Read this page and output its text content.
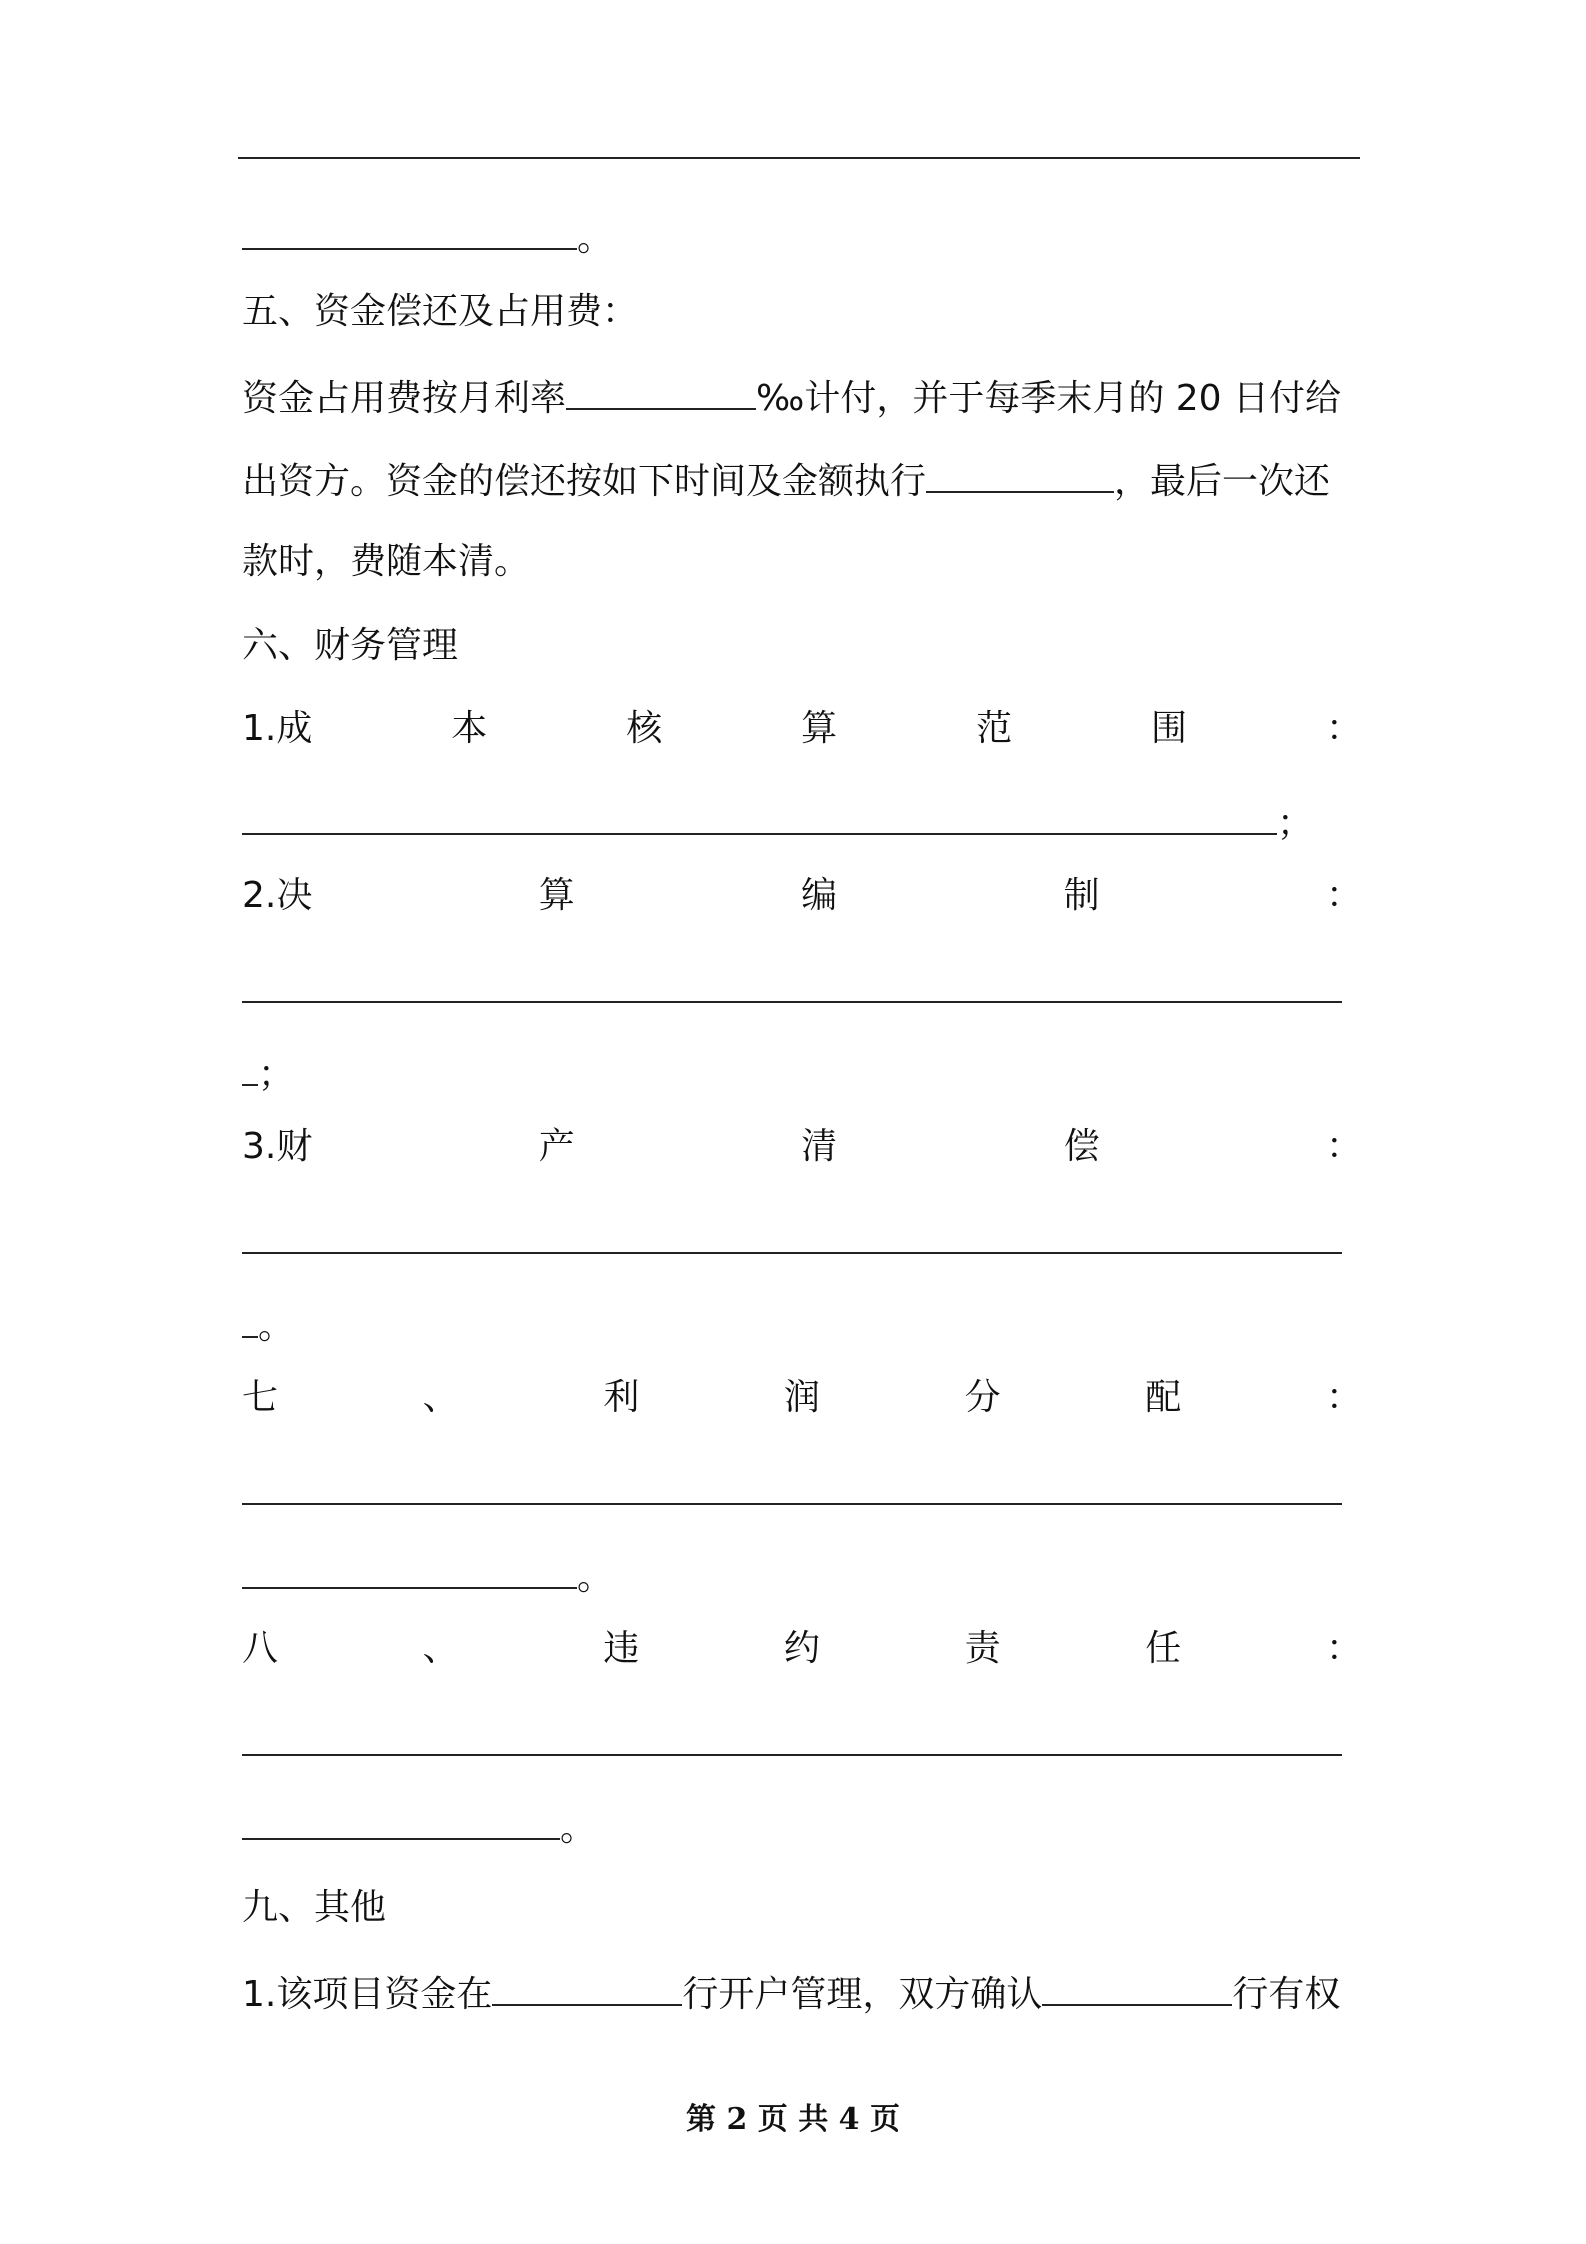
。
五、资金偿还及占用费：
资金占用费按月利率	‰计付，并于每季末月的 20 日付给
出资方。资金的偿还按如下时间及金额执行	，最后一次还
款时，费随本清。
六、财务管理
1.成	本	核	算	范	围	：
；
2.决	算	编	制	：
；
3.财	产	清	偿	：
。
七	、	利	润	分	配	：
。
八	、	违	约	责	任	：
。
九、其他
1.该项目资金在	行开户管理，双方确认	行有权
第 2 页 共 4 页
